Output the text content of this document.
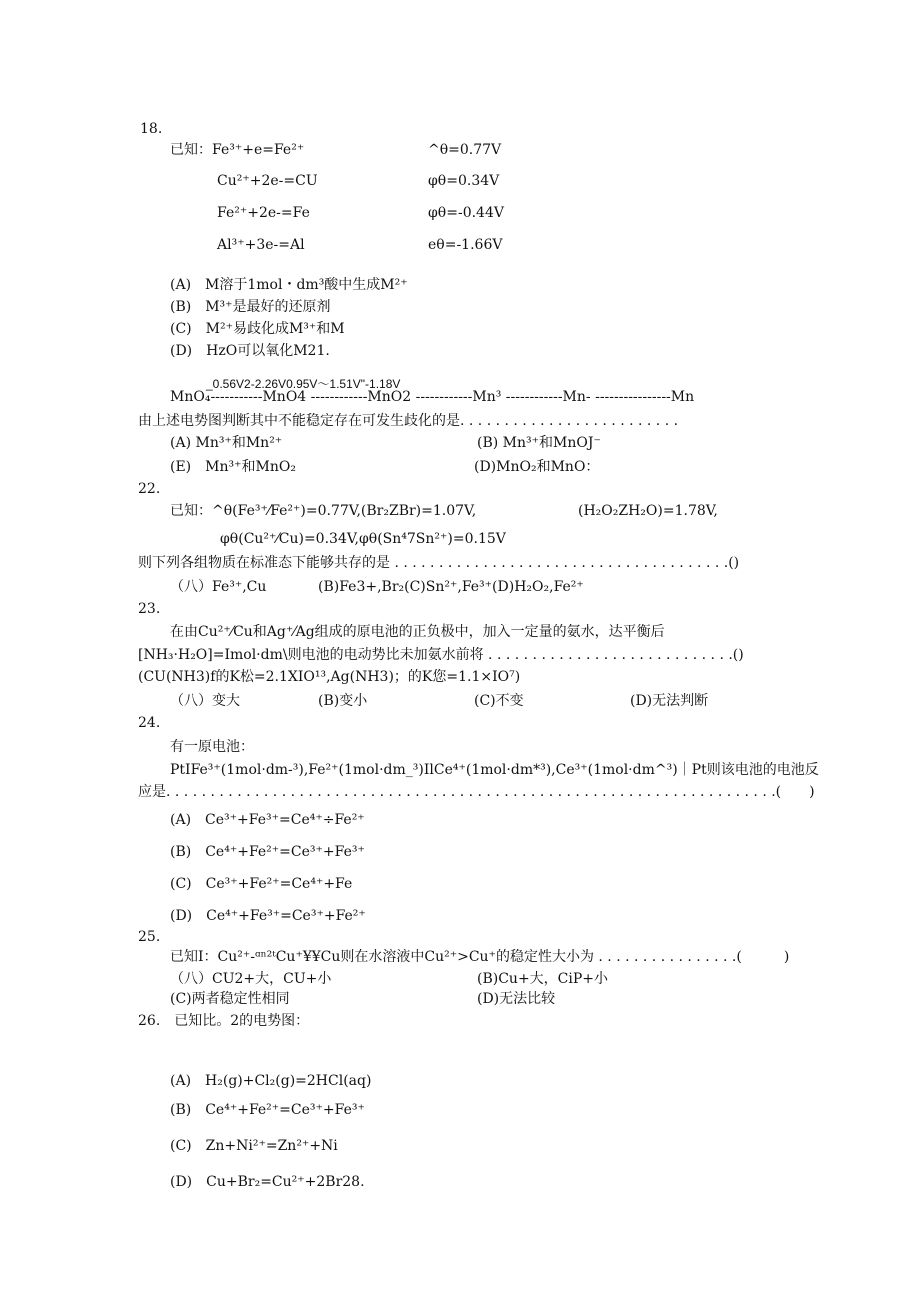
18.
已知：Fe³⁺+e=Fe²⁺	^θ=0.77V
Cu²⁺+2e-=CU	φθ=0.34V
Fe²⁺+2e-=Fe	φθ=-0.44V
Al³⁺+3e-=Al	eθ=-1.66V
(A)　M溶于1mol・dm³酸中生成M²⁺
(B)　M³⁺是最好的还原剂
(C)　M²⁺易歧化成M³⁺和M
(D)　HzO可以氧化M21.
_0.56V2-2.26V0.95V～1.51V"-1.18V
MnO₄-----------MnO4 ------------MnO2 ------------Mn³ ------------Mn- ----------------Mn
由上述电势图判断其中不能稳定存在可发生歧化的是. . . . . . . . . . . . . . . . . . . . . . . . .
(A) Mn³⁺和Mn²⁺	(B) Mn³⁺和MnOJ⁻
(E)　Mn³⁺和MnO₂	(D)MnO₂和MnO：
22.
已知：^θ(Fe³⁺⁄Fe²⁺)=0.77V,(Br₂ZBr)=1.07V,	(H₂O₂ZH₂O)=1.78V,
φθ(Cu²⁺⁄Cu)=0.34V,φθ(Sn⁴7Sn²⁺)=0.15V
则下列各组物质在标准态下能够共存的是 . . . . . . . . . . . . . . . . . . . . . . . . . . . . . . . . . . . . . .()
（八）Fe³⁺,Cu	(B)Fe3+,Br₂(C)Sn²⁺,Fe³⁺(D)H₂O₂,Fe²⁺
23.
在由Cu²⁺⁄Cu和Ag⁺⁄Ag组成的原电池的正负极中，加入一定量的氨水，达平衡后
[NH₃·H₂O]=Imol·dm\则电池的电动势比未加氨水前将 . . . . . . . . . . . . . . . . . . . . . . . . . . . .()
(CU(NH3)f的K松=2.1XIO¹³,Ag(NH3)；的K您=1.1×IO⁷)
（八）变大	(B)变小	(C)不变	(D)无法判断
24.
有一原电池：
PtIFe³⁺(1mol·dm-³),Fe²⁺(1mol·dm_³)IlCe⁴⁺(1mol·dm*³),Ce³⁺(1mol·dm^³)｜Pt则该电池的电池反
应是. . . . . . . . . . . . . . . . . . . . . . . . . . . . . . . . . . . . . . . . . . . . . . . . . . . . . . . . . . . . . . . . . . . . .(　　)
(A)　Ce³⁺+Fe³⁺=Ce⁴⁺÷Fe²⁺
(B)　Ce⁴⁺+Fe²⁺=Ce³⁺+Fe³⁺
(C)　Ce³⁺+Fe²⁺=Ce⁴⁺+Fe
(D)　Ce⁴⁺+Fe³⁺=Ce³⁺+Fe²⁺
25.
已知I：Cu²⁺-ᵅⁿ²ᵗCu⁺¥¥Cu则在水溶液中Cu²⁺>Cu⁺的稳定性大小为 . . . . . . . . . . . . . . . .(　　　)
（八）CU2+大，CU+小	(B)Cu+大，CiP+小
(C)两者稳定性相同	(D)无法比较
26.　已知比。2的电势图：
(A)　H₂(g)+Cl₂(g)=2HCl(aq)
(B)　Ce⁴⁺+Fe²⁺=Ce³⁺+Fe³⁺
(C)　Zn+Ni²⁺=Zn²⁺+Ni
(D)　Cu+Br₂=Cu²⁺+2Br28.
